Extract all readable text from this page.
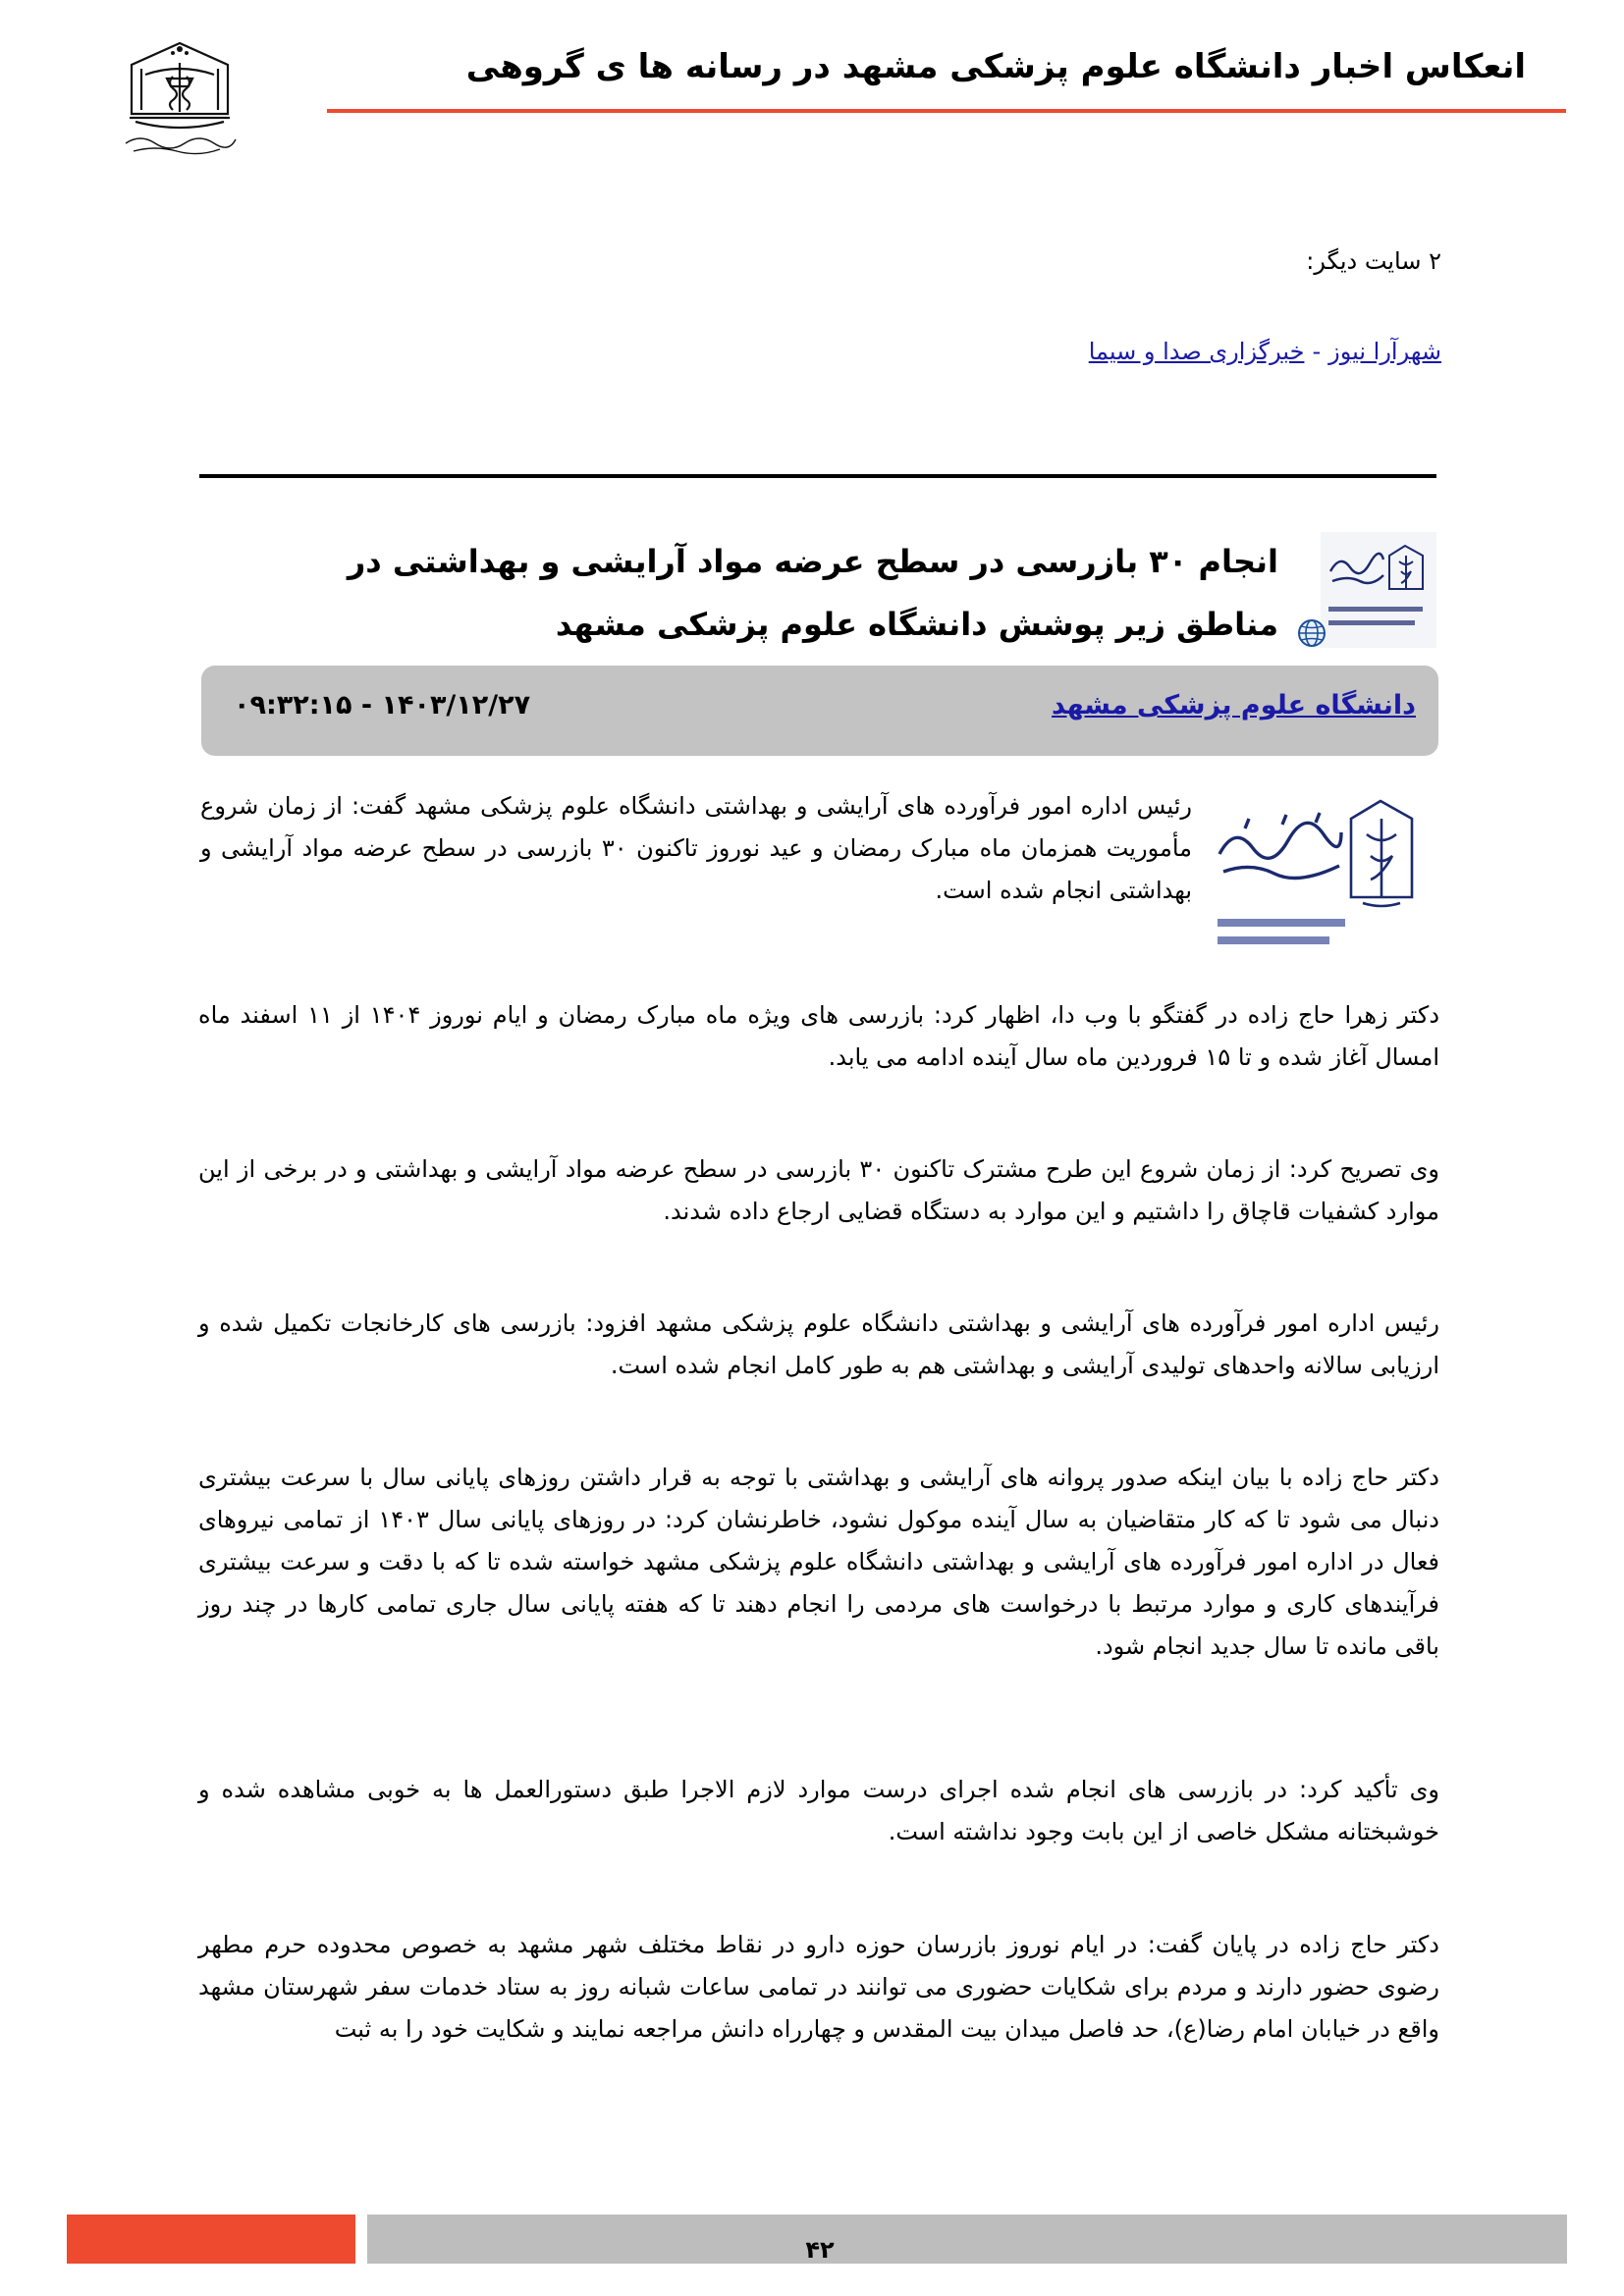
انعکاس اخبار دانشگاه علوم پزشکی مشهد در رسانه ها ی گروهی
۲ سایت دیگر:
شهرآرا نیوز-خبرگزاری صدا و سیما
انجام ۳۰ بازرسی در سطح عرضه مواد آرایشی و بهداشتی در مناطق زیر پوشش دانشگاه علوم پزشکی مشهد
دانشگاه علوم پزشکی مشهد
۱۴۰۳/۱۲/۲۷ - ۰۹:۳۲:۱۵
رئیس اداره امور فرآورده های آرایشی و بهداشتی دانشگاه علوم پزشکی مشهد گفت: از زمان شروع مأموریت همزمان ماه مبارک رمضان و عید نوروز تاکنون ۳۰ بازرسی در سطح عرضه مواد آرایشی و بهداشتی انجام شده است.
دکتر زهرا حاج زاده در گفتگو با وب دا، اظهار کرد: بازرسی های ویژه ماه مبارک رمضان و ایام نوروز ۱۴۰۴ از ۱۱ اسفند ماه امسال آغاز شده و تا ۱۵ فروردین ماه سال آینده ادامه می یابد.
وی تصریح کرد: از زمان شروع این طرح مشترک تاکنون ۳۰ بازرسی در سطح عرضه مواد آرایشی و بهداشتی و در برخی از این موارد کشفیات قاچاق را داشتیم و این موارد به دستگاه قضایی ارجاع داده شدند.
رئیس اداره امور فرآورده های آرایشی و بهداشتی دانشگاه علوم پزشکی مشهد افزود: بازرسی های کارخانجات تکمیل شده و ارزیابی سالانه واحدهای تولیدی آرایشی و بهداشتی هم به طور کامل انجام شده است.
دکتر حاج زاده با بیان اینکه صدور پروانه های آرایشی و بهداشتی با توجه به قرار داشتن روزهای پایانی سال با سرعت بیشتری دنبال می شود تا که کار متقاضیان به سال آینده موکول نشود، خاطرنشان کرد: در روزهای پایانی سال ۱۴۰۳ از تمامی نیروهای فعال در اداره امور فرآورده های آرایشی و بهداشتی دانشگاه علوم پزشکی مشهد خواسته شده تا که با دقت و سرعت بیشتری فرآیندهای کاری و موارد مرتبط با درخواست های مردمی را انجام دهند تا که هفته پایانی سال جاری تمامی کارها در چند روز باقی مانده تا سال جدید انجام شود.
وی تأکید کرد: در بازرسی های انجام شده اجرای درست موارد لازم الاجرا طبق دستورالعمل ها به خوبی مشاهده شده و خوشبختانه مشکل خاصی از این بابت وجود نداشته است.
دکتر حاج زاده در پایان گفت: در ایام نوروز بازرسان حوزه دارو در نقاط مختلف شهر مشهد به خصوص محدوده حرم مطهر رضوی حضور دارند و مردم برای شکایات حضوری می توانند در تمامی ساعات شبانه روز به ستاد خدمات سفر شهرستان مشهد واقع در خیابان امام رضا(ع)، حد فاصل میدان بیت المقدس و چهارراه دانش مراجعه نمایند و شکایت خود را به ثبت
۴۲
